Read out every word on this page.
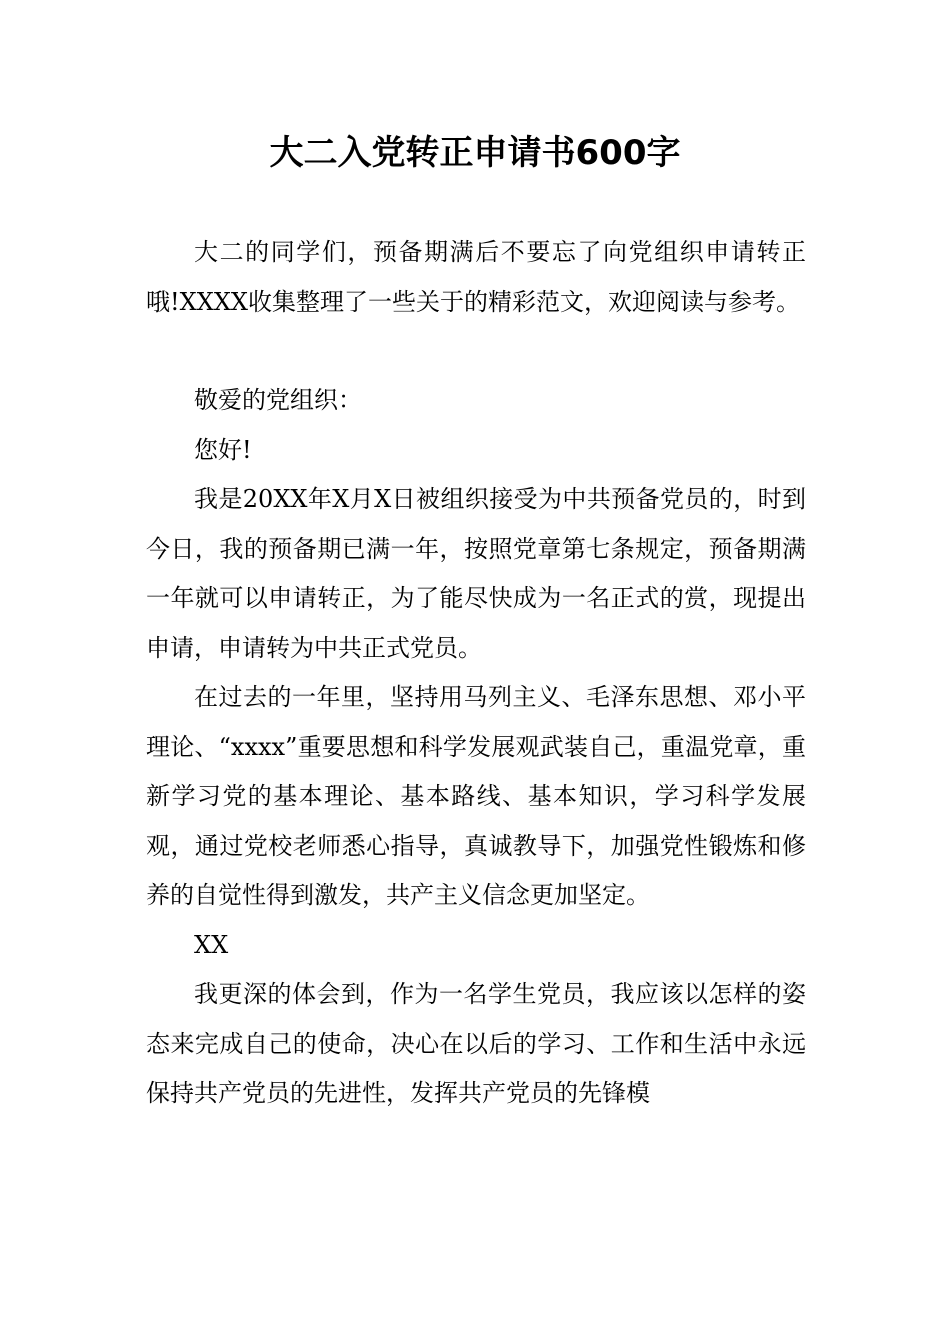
大二入党转正申请书600字

大二的同学们，预备期满后不要忘了向党组织申请转正哦!XXXX收集整理了一些关于的精彩范文，欢迎阅读与参考。

敬爱的党组织：

您好!

我是20XX年X月X日被组织接受为中共预备党员的，时到今日，我的预备期已满一年，按照党章第七条规定，预备期满一年就可以申请转正，为了能尽快成为一名正式的赏，现提出申请，申请转为中共正式党员。

在过去的一年里，坚持用马列主义、毛泽东思想、邓小平理论、“xxxx”重要思想和科学发展观武装自己，重温党章，重新学习党的基本理论、基本路线、基本知识，学习科学发展观，通过党校老师悉心指导，真诚教导下，加强党性锻炼和修养的自觉性得到激发，共产主义信念更加坚定。

XX

我更深的体会到，作为一名学生党员，我应该以怎样的姿态来完成自己的使命，决心在以后的学习、工作和生活中永远保持共产党员的先进性，发挥共产党员的先锋模
